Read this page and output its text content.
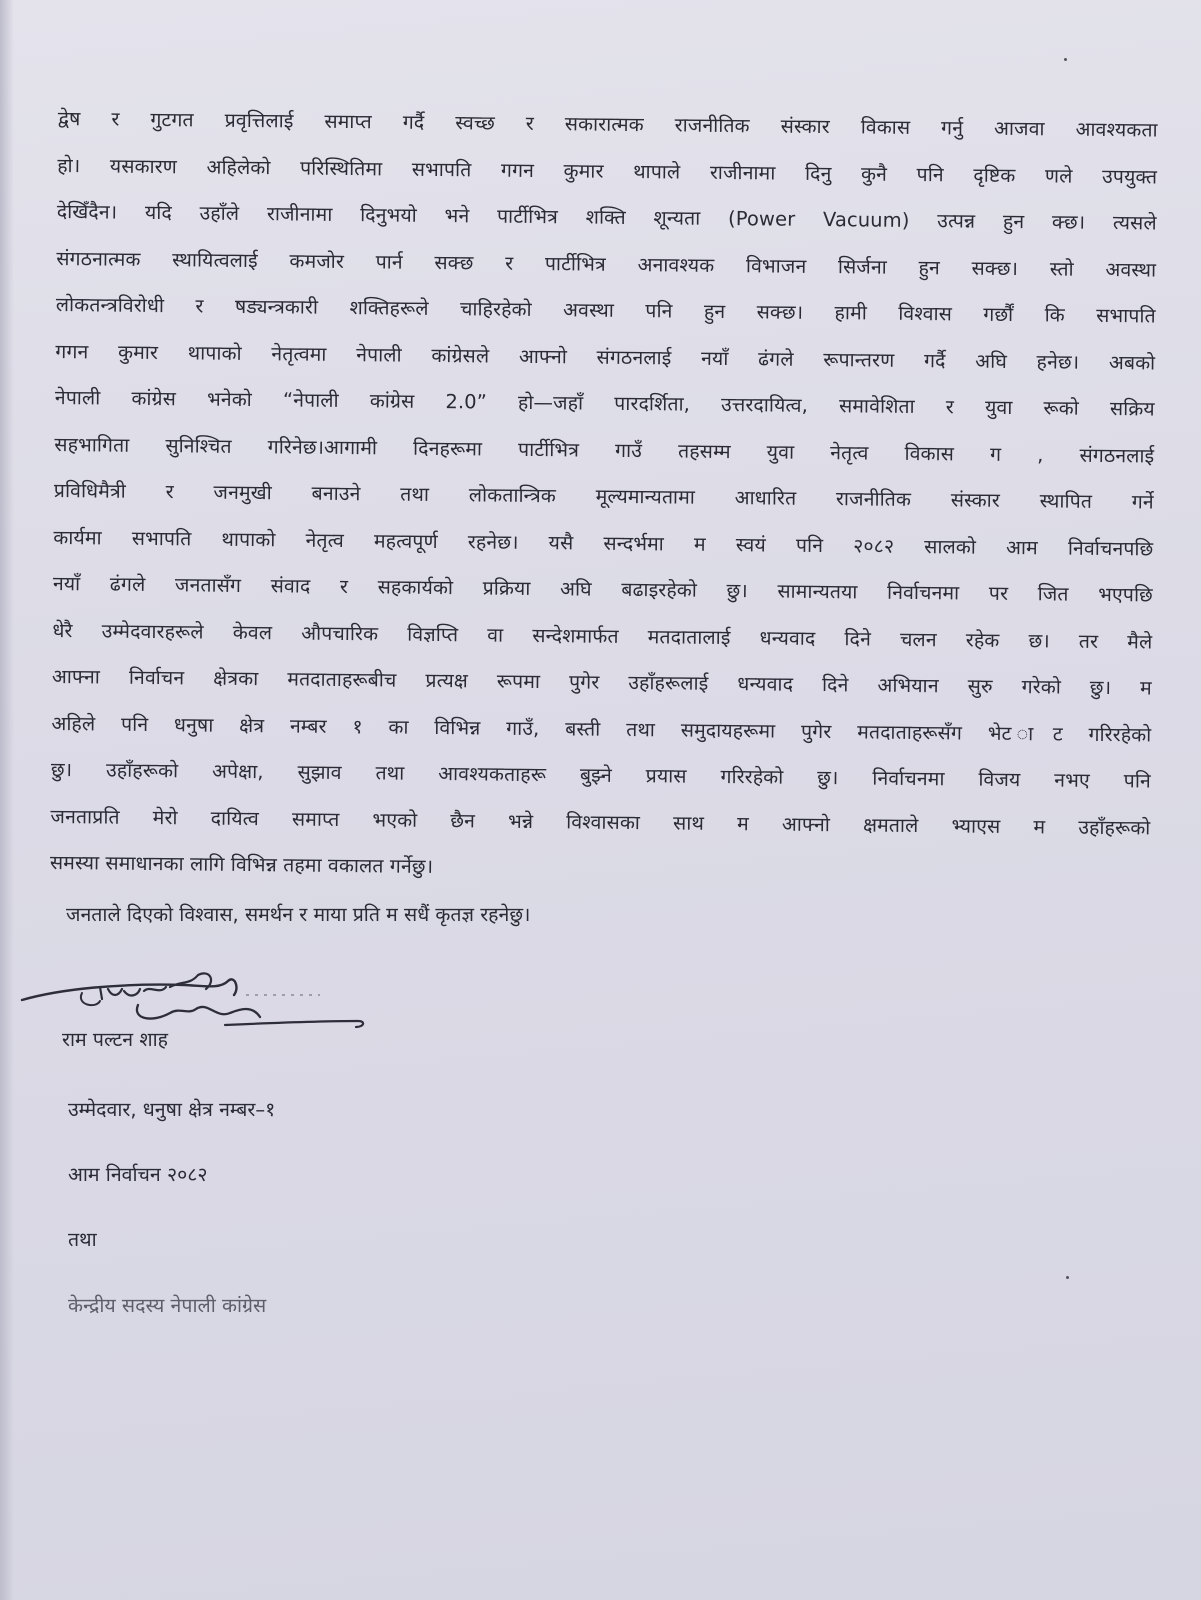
द्वेष र गुटगत प्रवृत्तिलाई समाप्त गर्दै स्वच्छ र सकारात्मक राजनीतिक संस्कार विकास गर्नु आजवा आवश्यकता
हो। यसकारण अहिलेको परिस्थितिमा सभापति गगन कुमार थापाले राजीनामा दिनु कुनै पनि दृष्टिक णले उपयुक्त
देखिँदैन। यदि उहाँले राजीनामा दिनुभयो भने पार्टीभित्र शक्ति शून्यता (Power Vacuum) उत्पन्न हुन क्छ। त्यसले
संगठनात्मक स्थायित्वलाई कमजोर पार्न सक्छ र पार्टीभित्र अनावश्यक विभाजन सिर्जना हुन सक्छ। स्तो अवस्था
लोकतन्त्रविरोधी र षड्यन्त्रकारी शक्तिहरूले चाहिरहेको अवस्था पनि हुन सक्छ। हामी विश्वास गर्छौं कि सभापति
गगन कुमार थापाको नेतृत्वमा नेपाली कांग्रेसले आफ्नो संगठनलाई नयाँ ढंगले रूपान्तरण गर्दै अघि हनेछ। अबको
नेपाली कांग्रेस भनेको “नेपाली कांग्रेस 2.0” हो—जहाँ पारदर्शिता, उत्तरदायित्व, समावेशिता र युवा रूको सक्रिय
सहभागिता सुनिश्चित गरिनेछ।आगामी दिनहरूमा पार्टीभित्र गाउँ तहसम्म युवा नेतृत्व विकास ग , संगठनलाई
प्रविधिमैत्री र जनमुखी बनाउने तथा लोकतान्त्रिक मूल्यमान्यतामा आधारित राजनीतिक संस्कार स्थापित गर्ने
कार्यमा सभापति थापाको नेतृत्व महत्वपूर्ण रहनेछ। यसै सन्दर्भमा म स्वयं पनि २०८२ सालको आम निर्वाचनपछि
नयाँ ढंगले जनतासँग संवाद र सहकार्यको प्रक्रिया अघि बढाइरहेको छु। सामान्यतया निर्वाचनमा पर जित भएपछि
धेरै उम्मेदवारहरूले केवल औपचारिक विज्ञप्ति वा सन्देशमार्फत मतदातालाई धन्यवाद दिने चलन रहेक छ। तर मैले
आफ्ना निर्वाचन क्षेत्रका मतदाताहरूबीच प्रत्यक्ष रूपमा पुगेर उहाँहरूलाई धन्यवाद दिने अभियान सुरु गरेको छु। म
अहिले पनि धनुषा क्षेत्र नम्बर १ का विभिन्न गाउँ, बस्ती तथा समुदायहरूमा पुगेर मतदाताहरूसँग भेट ाट गरिरहेको
छु। उहाँहरूको अपेक्षा, सुझाव तथा आवश्यकताहरू बुझ्ने प्रयास गरिरहेको छु। निर्वाचनमा विजय नभए पनि
जनताप्रति मेरो दायित्व समाप्त भएको छैन भन्ने विश्वासका साथ म आफ्नो क्षमताले भ्याएस म उहाँहरूको
समस्या समाधानका लागि विभिन्न तहमा वकालत गर्नेछु।

जनताले दिएको विश्वास, समर्थन र माया प्रति म सधैं कृतज्ञ रहनेछु।

राम पल्टन शाह
उम्मेदवार, धनुषा क्षेत्र नम्बर–१
आम निर्वाचन २०८२
तथा
केन्द्रीय सदस्य नेपाली कांग्रेस
